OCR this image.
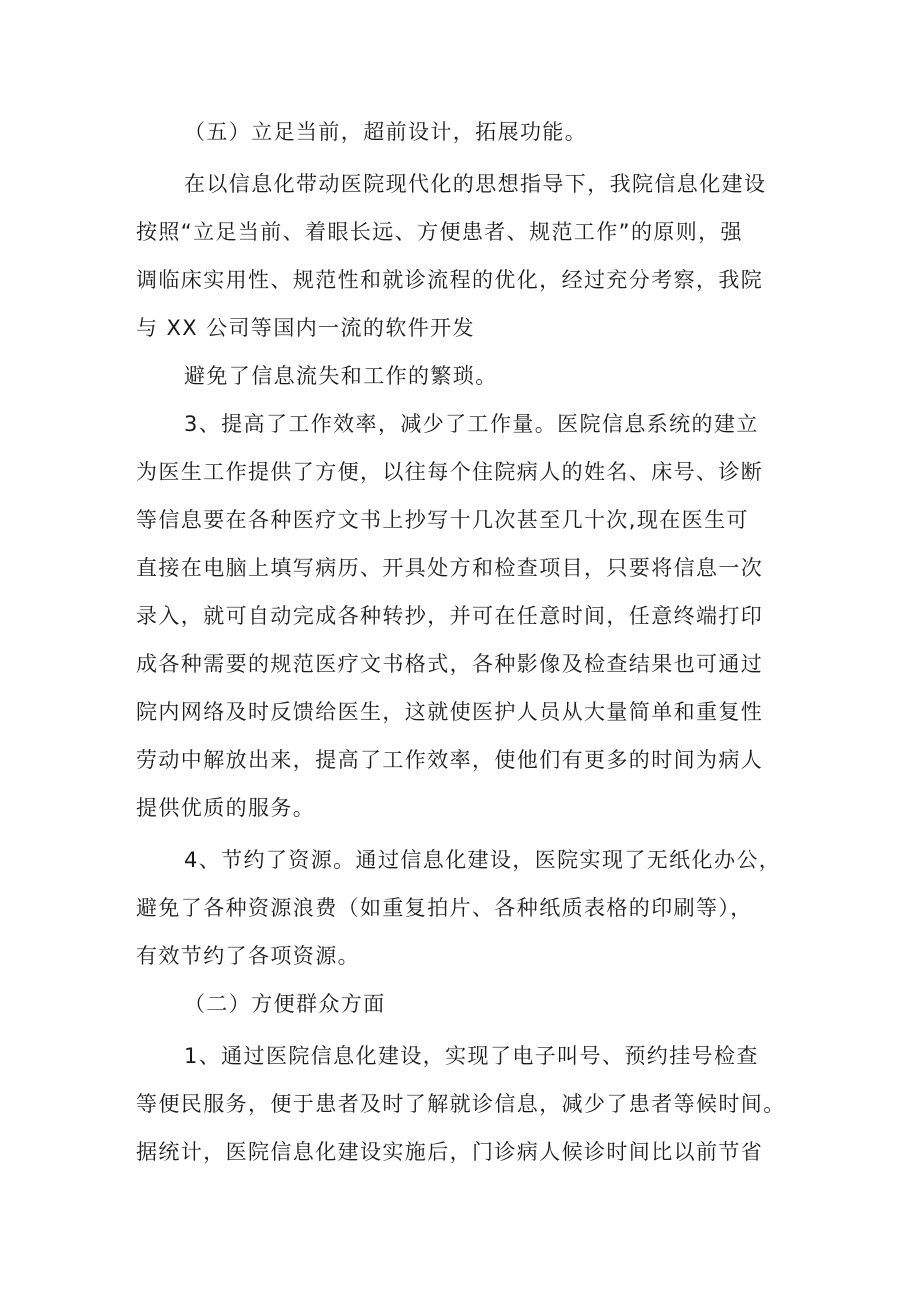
（五）立足当前，超前设计，拓展功能。
在以信息化带动医院现代化的思想指导下，我院信息化建设
按照“立足当前、着眼长远、方便患者、规范工作”的原则，强
调临床实用性、规范性和就诊流程的优化，经过充分考察，我院
与 XX 公司等国内一流的软件开发
避免了信息流失和工作的繁琐。
3、提高了工作效率，减少了工作量。医院信息系统的建立
为医生工作提供了方便，以往每个住院病人的姓名、床号、诊断
等信息要在各种医疗文书上抄写十几次甚至几十次,现在医生可
直接在电脑上填写病历、开具处方和检查项目，只要将信息一次
录入，就可自动完成各种转抄，并可在任意时间，任意终端打印
成各种需要的规范医疗文书格式，各种影像及检查结果也可通过
院内网络及时反馈给医生，这就使医护人员从大量简单和重复性
劳动中解放出来，提高了工作效率，使他们有更多的时间为病人
提供优质的服务。
4、节约了资源。通过信息化建设，医院实现了无纸化办公，
避免了各种资源浪费（如重复拍片、各种纸质表格的印刷等），
有效节约了各项资源。
（二）方便群众方面
1、通过医院信息化建设，实现了电子叫号、预约挂号检查
等便民服务，便于患者及时了解就诊信息，减少了患者等候时间。
据统计，医院信息化建设实施后，门诊病人候诊时间比以前节省
